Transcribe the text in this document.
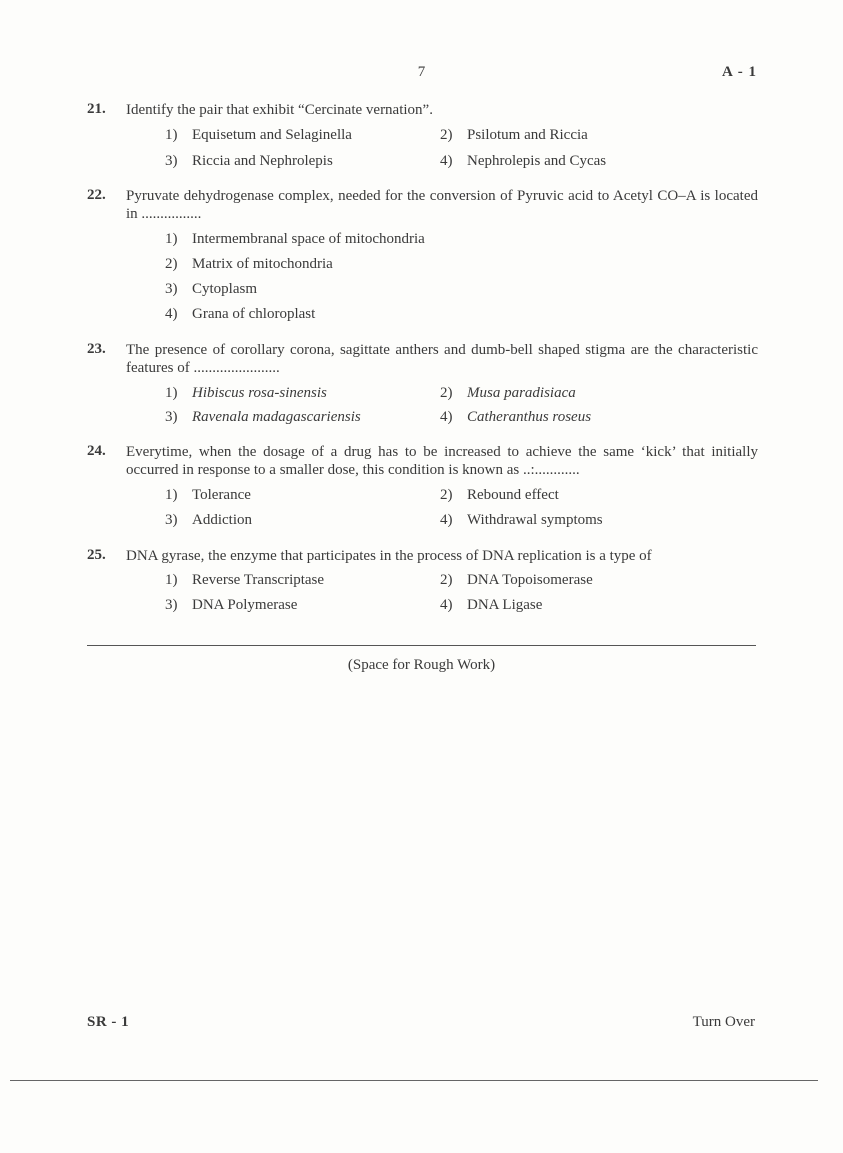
7	A - 1
21.	Identify the pair that exhibit “Cercinate vernation”.
1) Equisetum and Selaginella	2) Psilotum and Riccia
3) Riccia and Nephrolepis	4) Nephrolepis and Cycas
22.	Pyruvate dehydrogenase complex, needed for the conversion of Pyruvic acid to Acetyl CO–A is located in ................
1) Intermembranal space of mitochondria
2) Matrix of mitochondria
3) Cytoplasm
4) Grana of chloroplast
23.	The presence of corollary corona, sagittate anthers and dumb-bell shaped stigma are the characteristic features of .......................
1) Hibiscus rosa-sinensis	2) Musa paradisiaca
3) Ravenala madagascariensis	4) Catheranthus roseus
24.	Everytime, when the dosage of a drug has to be increased to achieve the same ‘kick’ that initially occurred in response to a smaller dose, this condition is known as ..:............
1) Tolerance	2) Rebound effect
3) Addiction	4) Withdrawal symptoms
25.	DNA gyrase, the enzyme that participates in the process of DNA replication is a type of
1) Reverse Transcriptase	2) DNA Topoisomerase
3) DNA Polymerase	4) DNA Ligase
(Space for Rough Work)
SR - 1	Turn Over
